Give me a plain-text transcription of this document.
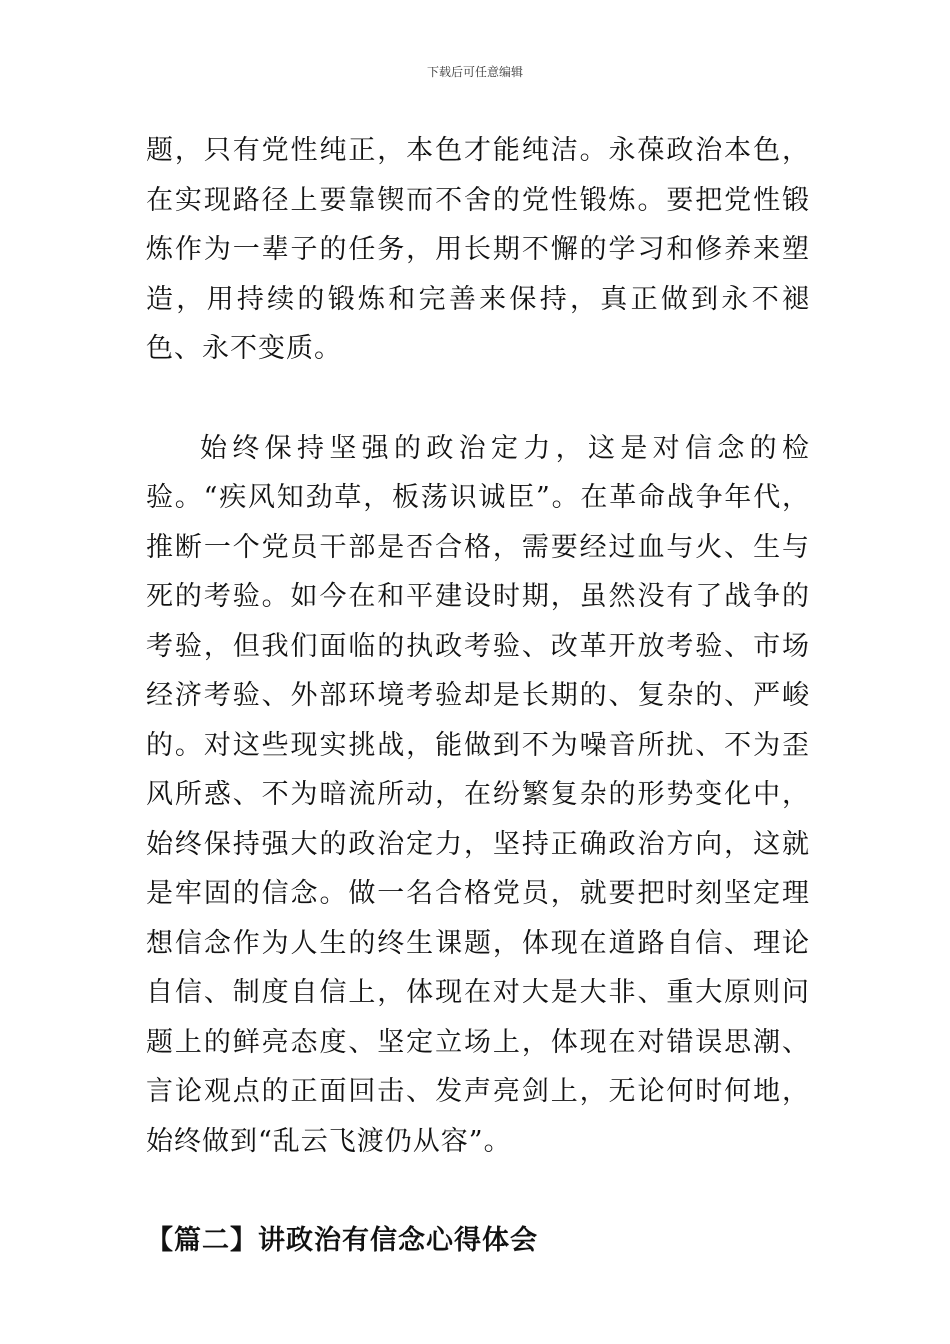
下载后可任意编辑

题，只有党性纯正，本色才能纯洁。永葆政治本色，在实现路径上要靠锲而不舍的党性锻炼。要把党性锻炼作为一辈子的任务，用长期不懈的学习和修养来塑造，用持续的锻炼和完善来保持，真正做到永不褪色、永不变质。

始终保持坚强的政治定力，这是对信念的检验。“疾风知劲草，板荡识诚臣”。在革命战争年代，推断一个党员干部是否合格，需要经过血与火、生与死的考验。如今在和平建设时期，虽然没有了战争的考验，但我们面临的执政考验、改革开放考验、市场经济考验、外部环境考验却是长期的、复杂的、严峻的。对这些现实挑战，能做到不为噪音所扰、不为歪风所惑、不为暗流所动，在纷繁复杂的形势变化中，始终保持强大的政治定力，坚持正确政治方向，这就是牢固的信念。做一名合格党员，就要把时刻坚定理想信念作为人生的终生课题，体现在道路自信、理论自信、制度自信上，体现在对大是大非、重大原则问题上的鲜亮态度、坚定立场上，体现在对错误思潮、言论观点的正面回击、发声亮剑上，无论何时何地，始终做到“乱云飞渡仍从容”。

【篇二】讲政治有信念心得体会
